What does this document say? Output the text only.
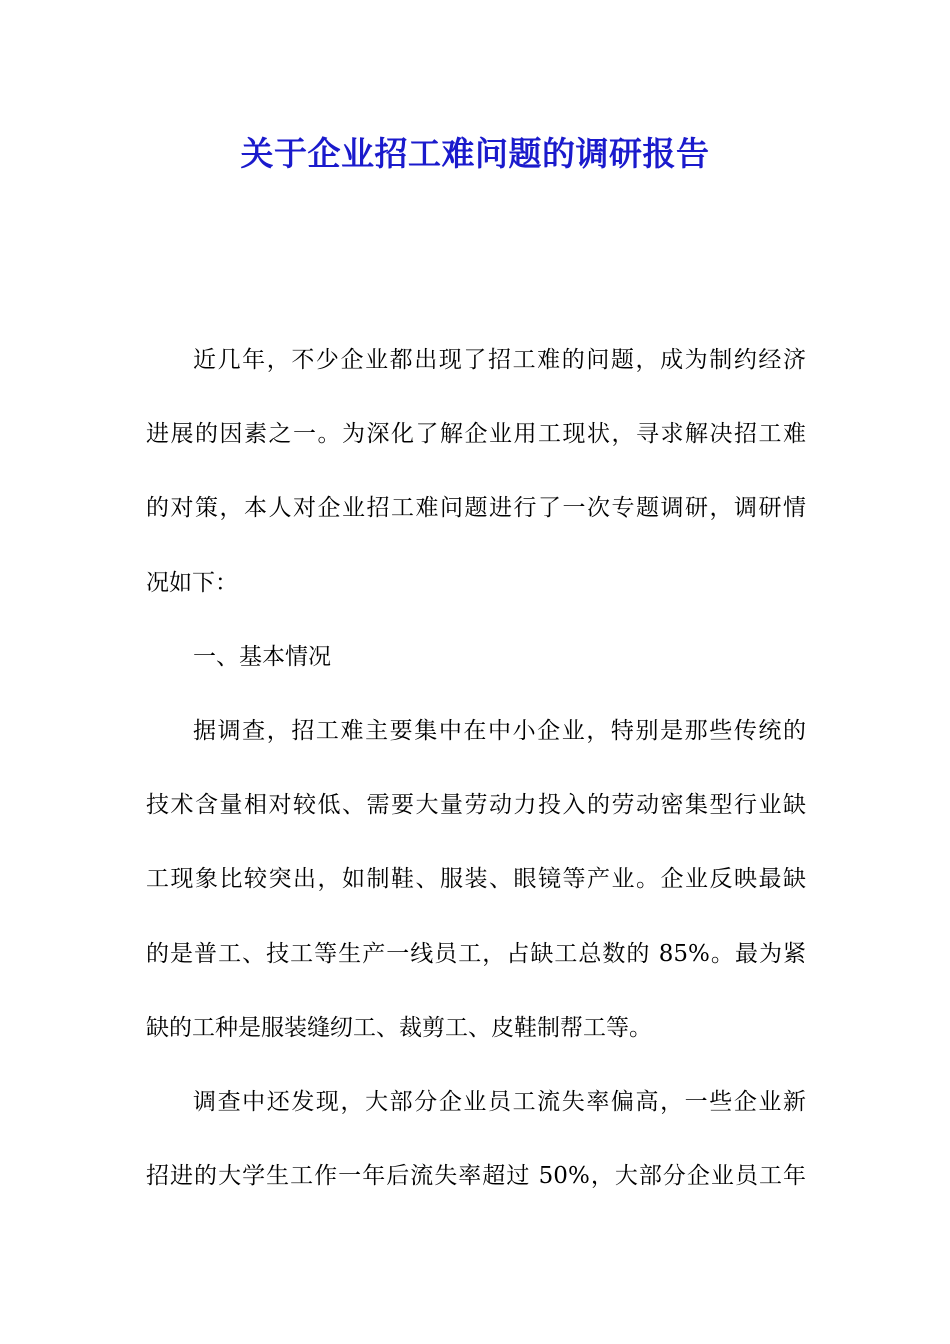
关于企业招工难问题的调研报告
近几年，不少企业都出现了招工难的问题，成为制约经济
进展的因素之一。为深化了解企业用工现状，寻求解决招工难
的对策，本人对企业招工难问题进行了一次专题调研，调研情
况如下：
一、基本情况
据调查，招工难主要集中在中小企业，特别是那些传统的
技术含量相对较低、需要大量劳动力投入的劳动密集型行业缺
工现象比较突出，如制鞋、服装、眼镜等产业。企业反映最缺
的是普工、技工等生产一线员工，占缺工总数的 85%。最为紧
缺的工种是服装缝纫工、裁剪工、皮鞋制帮工等。
调查中还发现，大部分企业员工流失率偏高，一些企业新
招进的大学生工作一年后流失率超过 50%，大部分企业员工年
